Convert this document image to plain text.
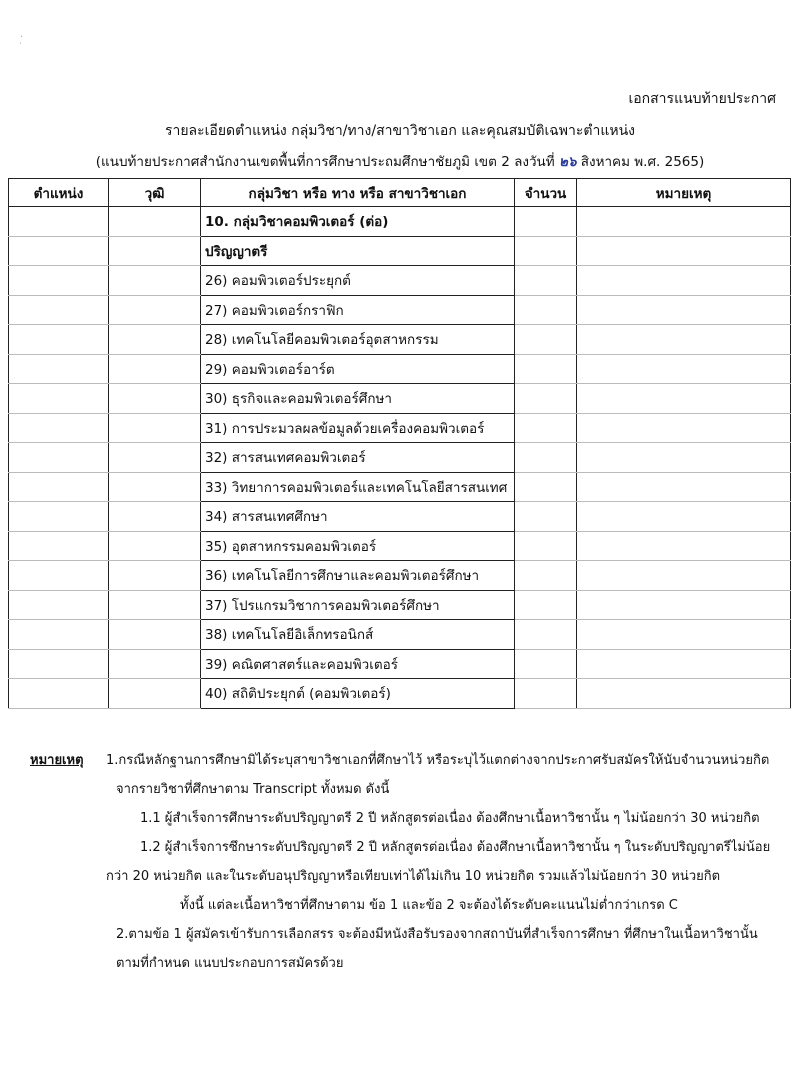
·
˙
เอกสารแนบท้ายประกาศ
รายละเอียดตำแหน่ง กลุ่มวิชา/ทาง/สาขาวิชาเอก และคุณสมบัติเฉพาะตำแหน่ง
(แนบท้ายประกาศสำนักงานเขตพื้นที่การศึกษาประถมศึกษาชัยภูมิ เขต 2 ลงวันที่ ๒๖ สิงหาคม พ.ศ. 2565)
ตำแหน่ง	วุฒิ	กลุ่มวิชา หรือ ทาง หรือ สาขาวิชาเอก	จำนวน	หมายเหตุ
		10. กลุ่มวิชาคอมพิวเตอร์ (ต่อ)		
		ปริญญาตรี		
		26) คอมพิวเตอร์ประยุกต์		
		27) คอมพิวเตอร์กราฟิก		
		28) เทคโนโลยีคอมพิวเตอร์อุตสาหกรรม		
		29) คอมพิวเตอร์อาร์ต		
		30) ธุรกิจและคอมพิวเตอร์ศึกษา		
		31) การประมวลผลข้อมูลด้วยเครื่องคอมพิวเตอร์		
		32) สารสนเทศคอมพิวเตอร์		
		33) วิทยาการคอมพิวเตอร์และเทคโนโลยีสารสนเทศ		
		34) สารสนเทศศึกษา		
		35) อุตสาหกรรมคอมพิวเตอร์		
		36) เทคโนโลยีการศึกษาและคอมพิวเตอร์ศึกษา		
		37) โปรแกรมวิชาการคอมพิวเตอร์ศึกษา		
		38) เทคโนโลยีอิเล็กทรอนิกส์		
		39) คณิตศาสตร์และคอมพิวเตอร์		
		40) สถิติประยุกต์ (คอมพิวเตอร์)		
หมายเหตุ 1.กรณีหลักฐานการศึกษามิได้ระบุสาขาวิชาเอกที่ศึกษาไว้ หรือระบุไว้แตกต่างจากประกาศรับสมัครให้นับจำนวนหน่วยกิต
จากรายวิชาที่ศึกษาตาม Transcript ทั้งหมด ดังนี้
1.1 ผู้สำเร็จการศึกษาระดับปริญญาตรี 2 ปี หลักสูตรต่อเนื่อง ต้องศึกษาเนื้อหาวิชานั้น ๆ ไม่น้อยกว่า 30 หน่วยกิต
1.2 ผู้สำเร็จการซึกษาระดับปริญญาตรี 2 ปี หลักสูตรต่อเนื่อง ต้องศึกษาเนื้อหาวิชานั้น ๆ ในระดับปริญญาตรีไม่น้อย
กว่า 20 หน่วยกิต และในระดับอนุปริญญาหรือเทียบเท่าได้ไม่เกิน 10 หน่วยกิต รวมแล้วไม่น้อยกว่า 30 หน่วยกิต
ทั้งนี้ แต่ละเนื้อหาวิชาที่ศึกษาตาม ข้อ 1 และข้อ 2 จะต้องได้ระดับคะแนนไม่ต่ำกว่าเกรด C
2.ตามข้อ 1 ผู้สมัครเข้ารับการเลือกสรร จะต้องมีหนังสือรับรองจากสถาบันที่สำเร็จการศึกษา ที่ศึกษาในเนื้อหาวิชานั้น
ตามที่กำหนด แนบประกอบการสมัครด้วย
